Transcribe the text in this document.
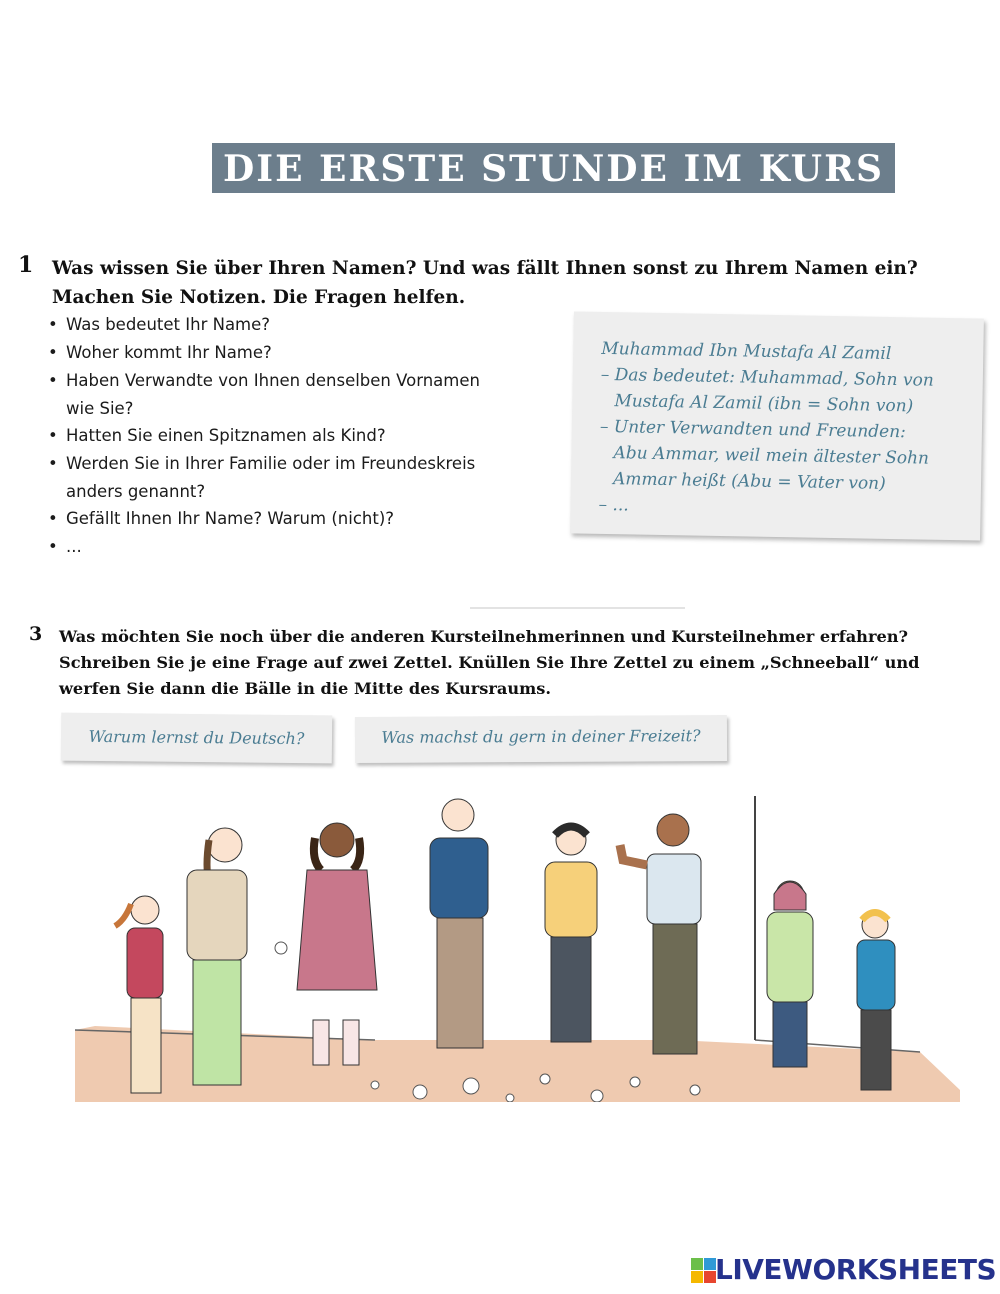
DIE ERSTE STUNDE IM KURS
1 Was wissen Sie über Ihren Namen? Und was fällt Ihnen sonst zu Ihrem Namen ein?
Machen Sie Notizen. Die Fragen helfen.
• Was bedeutet Ihr Name?
• Woher kommt Ihr Name?
• Haben Verwandte von Ihnen denselben Vornamen
wie Sie?
• Hatten Sie einen Spitznamen als Kind?
• Werden Sie in Ihrer Familie oder im Freundeskreis
anders genannt?
• Gefällt Ihnen Ihr Name? Warum (nicht)?
• ...
Muhammad Ibn Mustafa Al Zamil
– Das bedeutet: Muhammad, Sohn von
Mustafa Al Zamil (ibn = Sohn von)
– Unter Verwandten und Freunden:
Abu Ammar, weil mein ältester Sohn
Ammar heißt (Abu = Vater von)
– ...
3 Was möchten Sie noch über die anderen Kursteilnehmerinnen und Kursteilnehmer erfahren?
Schreiben Sie je eine Frage auf zwei Zettel. Knüllen Sie Ihre Zettel zu einem „Schneeball“ und
werfen Sie dann die Bälle in die Mitte des Kursraums.
Warum lernst du Deutsch?	Was machst du gern in deiner Freizeit?
LIVEWORKSHEETS
